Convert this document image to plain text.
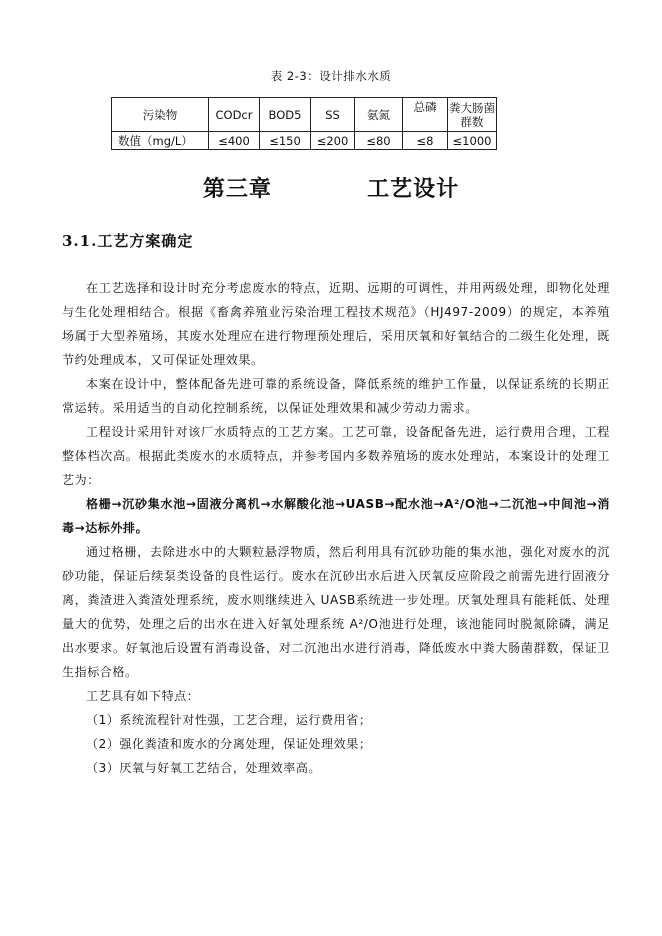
表 2-3：设计排水水质
污染物	CODcr	BOD5	SS	氨氮	总磷	粪大肠菌群数
数值（mg/L）	≤400	≤150	≤200	≤80	≤8	≤1000
第三章	工艺设计
3.1.工艺方案确定

在工艺选择和设计时充分考虑废水的特点，近期、远期的可调性，并用两级处理，即物化处理与生化处理相结合。根据《畜禽养殖业污染治理工程技术规范》（HJ497-2009）的规定，本养殖场属于大型养殖场，其废水处理应在进行物理预处理后，采用厌氧和好氧结合的二级生化处理，既节约处理成本，又可保证处理效果。

本案在设计中，整体配备先进可靠的系统设备，降低系统的维护工作量，以保证系统的长期正常运转。采用适当的自动化控制系统，以保证处理效果和减少劳动力需求。

工程设计采用针对该厂水质特点的工艺方案。工艺可靠，设备配备先进，运行费用合理，工程整体档次高。根据此类废水的水质特点，并参考国内多数养殖场的废水处理站，本案设计的处理工艺为：

格栅→沉砂集水池→固液分离机→水解酸化池→UASB→配水池→A²/O池→二沉池→中间池→消毒→达标外排。

通过格栅，去除进水中的大颗粒悬浮物质，然后利用具有沉砂功能的集水池，强化对废水的沉砂功能，保证后续泵类设备的良性运行。废水在沉砂出水后进入厌氧反应阶段之前需先进行固液分离，粪渣进入粪渣处理系统，废水则继续进入 UASB系统进一步处理。厌氧处理具有能耗低、处理量大的优势，处理之后的出水在进入好氧处理系统 A²/O池进行处理，该池能同时脱氮除磷，满足出水要求。好氧池后设置有消毒设备，对二沉池出水进行消毒，降低废水中粪大肠菌群数，保证卫生指标合格。

工艺具有如下特点：

（1）系统流程针对性强，工艺合理，运行费用省；

（2）强化粪渣和废水的分离处理，保证处理效果；

（3）厌氧与好氧工艺结合，处理效率高。
